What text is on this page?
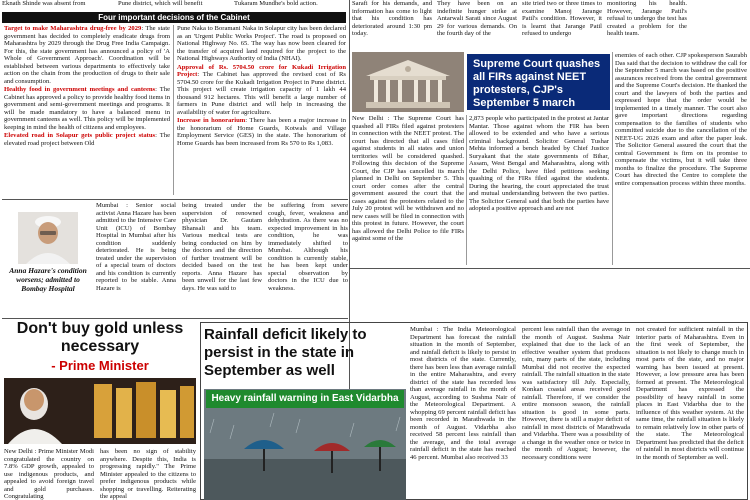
Eknath Shinde was absent from	Pune district, which will benefit	Tukaram Mundhe's bold action.
Four important decisions of the Cabinet

Target to make Maharashtra drug-free by 2029: The state government has decided to completely eradicate drugs from Maharashtra by 2029 through the Drug Free India Campaign. For this, the state government has announced a policy of 'A Whole of Government Approach'. Coordination will be established between various departments to effectively take action on the chain from the production of drugs to their sale and consumption.

Healthy food in government meetings and canteens: The Cabinet has approved a policy to provide healthy food items in government and semi-government meetings and programs. It will be made mandatory to have a balanced menu in government canteens as well. This policy will be implemented keeping in mind the health of citizens and employees.

Elevated road in Solapur gets public project status: The elevated road project between Old

Pune Naka to Boramani Naka in Solapur city has been declared as an 'Urgent Public Works Project'. The road is proposed on National Highway No. 65. The way has now been cleared for the transfer of acquired land required for the project to the National Highways Authority of India (NHAI).

Approval of Rs. 5704.50 crore for Kukadi Irrigation Project: The Cabinet has approved the revised cost of Rs 5704.50 crore for the Kukadi Irrigation Project in Pune district. This project will create irrigation capacity of 1 lakh 44 thousand 912 hectares. This will benefit a large number of farmers in Pune district and will help in increasing the availability of water for agriculture.

Increase in honorarium: There has been a major increase in the honorarium of Home Guards, Kotwals and Village Employment Service (GES) in the state. The honorarium of Home Guards has been increased from Rs 570 to Rs 1,083.

Sarafi for his demands, and information has come to light that his condition has deteriorated around 1:30 pm today.
They have been on an indefinite hunger strike at Antarwali Sarati since August 29 for various demands. On the fourth day of the
site tried two or three times to examine Manoj Jarange Patil's condition. However, it is learnt that Jarange Patil refused to undergo
monitoring his health. However, Jarange Patil's refusal to undergo the test has created a problem for the health team.
Supreme Court quashes all FIRs against NEET protesters, CJP's September 5 march
New Delhi : The Supreme Court has quashed all FIRs filed against protesters in connection with the NEET protest. The court has directed that all cases filed against students in all states and union territories will be considered quashed. Following this decision of the Supreme Court, the CJP has cancelled its march planned in Delhi on September 5. This court order comes after the central government assured the court that the cases against the protesters related to the July 20 protest will be withdrawn and no new cases will be filed in connection with this protest in future. However, the court has allowed the Delhi Police to file FIRs against some of the
2,873 people who participated in the protest at Jantar Mantar. Those against whom the FIR has been allowed to be extended and who have a serious criminal background. Solicitor General Tushar Mehta informed a bench headed by Chief Justice Suryakant that the state governments of Bihar, Assam, West Bengal and Maharashtra, along with the Delhi Police, have filed petitions seeking quashing of the FIRs filed against the students. During the hearing, the court appreciated the trust and mutual understanding between the two parties. The Solicitor General said that both the parties have adopted a positive approach and are not
enemies of each other. CJP spokesperson Saurabh Das said that the decision to withdraw the call for the September 5 march was based on the positive assurances received from the central government and the Supreme Court's decision. He thanked the court and the lawyers of both the parties and expressed hope that the order would be implemented in a timely manner. The court also gave important directions regarding compensation to the families of students who committed suicide due to the cancellation of the NEET-UG 2026 exam and after the paper leak. The Solicitor General assured the court that the central Government is firm on its promise to compensate the victims, but it will take three months to finalize the procedure. The Supreme Court has directed the Centre to complete the entire compensation process within three months.
Anna Hazare's condition worsens; admitted to Bombay Hospital
Mumbai : Senior social activist Anna Hazare has been admitted to the Intensive Care Unit (ICU) of Bombay Hospital in Mumbai after his condition suddenly deteriorated. He is being treated under the supervision of a special team of doctors and his condition is currently reported to be stable. Anna Hazare is
being treated under the supervision of renowned physician Dr. Gautam Bhansali and his team. Various medical tests are being conducted on him by the doctors and the direction of further treatment will be decided based on the test reports. Anna Hazare has been unwell for the last few days. He was said to
be suffering from severe cough, fever, weakness and dehydration. As there was no expected improvement in his condition, he was immediately shifted to Mumbai. Although his condition is currently stable, he has been kept under special observation by doctors in the ICU due to weakness.
Don't buy gold unless necessary
- Prime Minister
New Delhi : Prime Minister Modi congratulated the country on 7.8% GDP growth, appealed to use indigenous products, and appealed to avoid foreign travel and gold purchases. Congratulating
has been no sign of stability anywhere. Despite this, India is progressing rapidly." The Prime Minister appealed to the citizens to prefer indigenous products while shopping or travelling. Reiterating the appeal
Rainfall deficit likely to persist in the state in September as well
Heavy rainfall warning in East Vidarbha
Mumbai : The India Meteorological Department has forecast the rainfall situation in the month of September, and rainfall deficit is likely to persist in most districts of the state. Currently, there has been less than average rainfall in the entire Maharashtra, and every district of the state has recorded less than average rainfall in the month of August, according to Sushma Nair of the Meteorological Department. A whopping 69 percent rainfall deficit has been recorded in Marathwada in the month of August. Vidarbha also received 58 percent less rainfall than the average, and the total average rainfall deficit in the state has reached 46 percent. Mumbai also received 33
percent less rainfall than the average in the month of August. Sushma Nair explained that due to the lack of an effective weather system that produces rain, many parts of the state, including Mumbai did not receive the expected rainfall. The rainfall situation in the state was satisfactory till July. Especially, Konkan coastal areas received good rainfall. Therefore, if we consider the entire monsoon season, the rainfall situation is good in some parts. However, there is still a major deficit of rainfall in most districts of Marathwada and Vidarbha. There was a possibility of a change in the weather once or twice in the month of August; however, the necessary conditions were
not created for sufficient rainfall in the interior parts of Maharashtra. Even in the first week of September, the situation is not likely to change much in most parts of the state, and no major warning has been issued at present. However, a low pressure area has been formed at present. The Meteorological Department has expressed the possibility of heavy rainfall in some places in East Vidarbha due to the influence of this weather system. At the same time, the rainfall situation is likely to remain relatively low in other parts of the state. The Meteorological Department has predicted that the deficit of rainfall in most districts will continue in the month of September as well.
